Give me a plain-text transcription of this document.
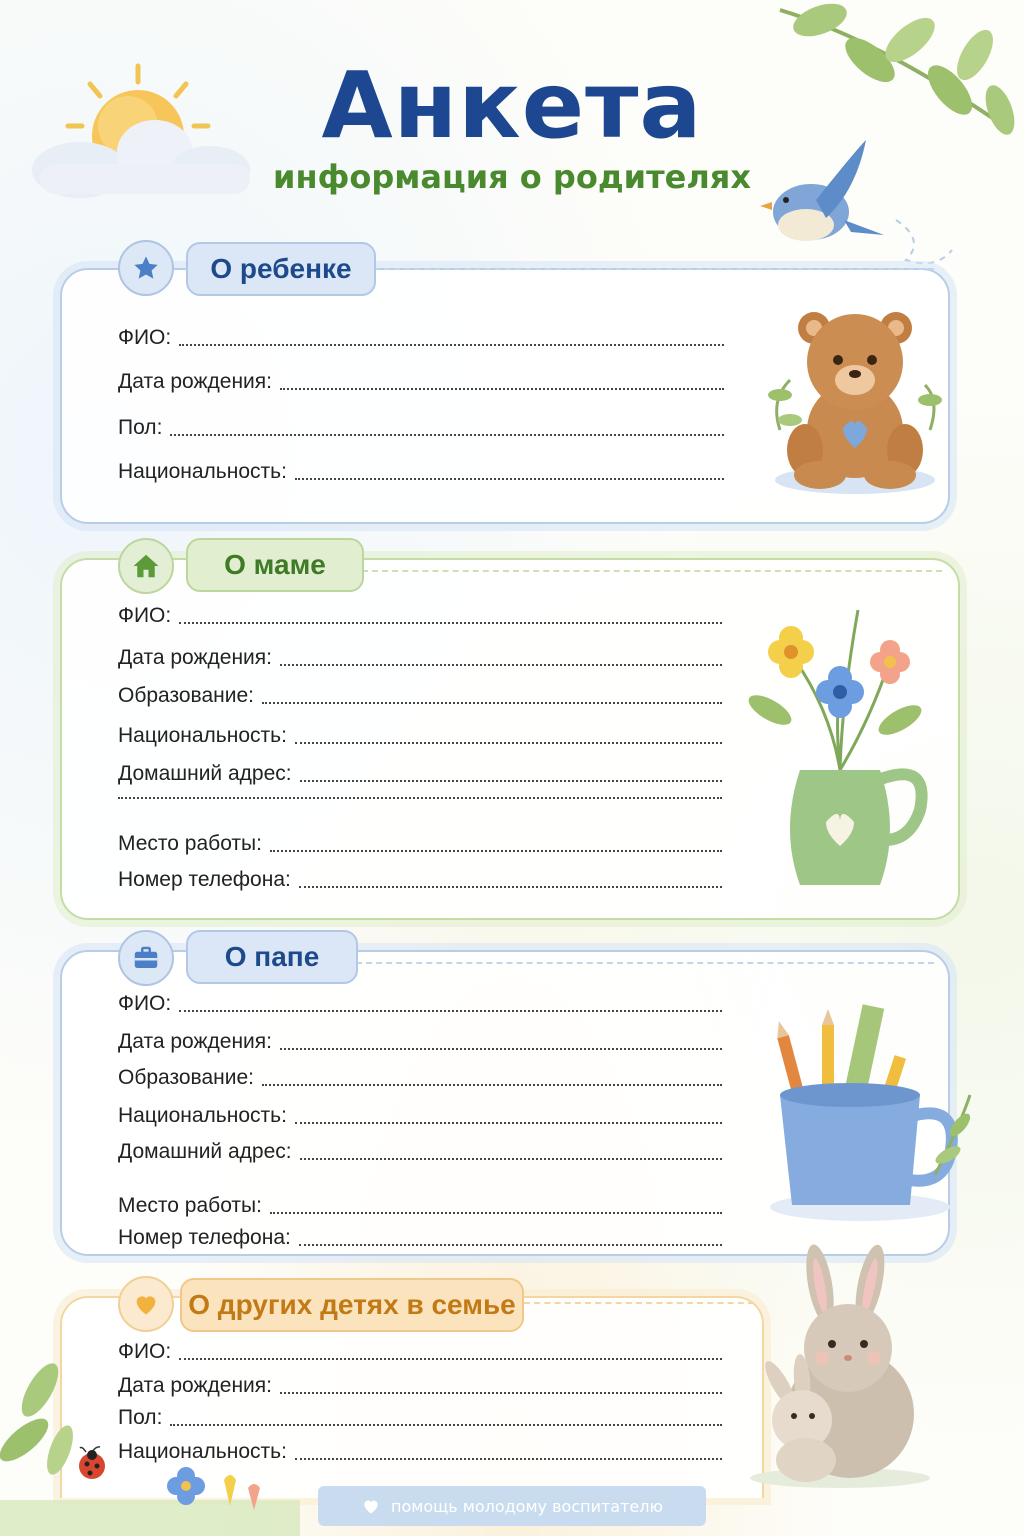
Анкета
информация о родителях
О ребенке
ФИО:
Дата рождения:
Пол:
Национальность:
О маме
ФИО:
Дата рождения:
Образование:
Национальность:
Домашний адрес:
Место работы:
Номер телефона:
О папе
ФИО:
Дата рождения:
Образование:
Национальность:
Домашний адрес:
Место работы:
Номер телефона:
О других детях в семье
ФИО:
Дата рождения:
Пол:
Национальность:
помощь молодому воспитателю
